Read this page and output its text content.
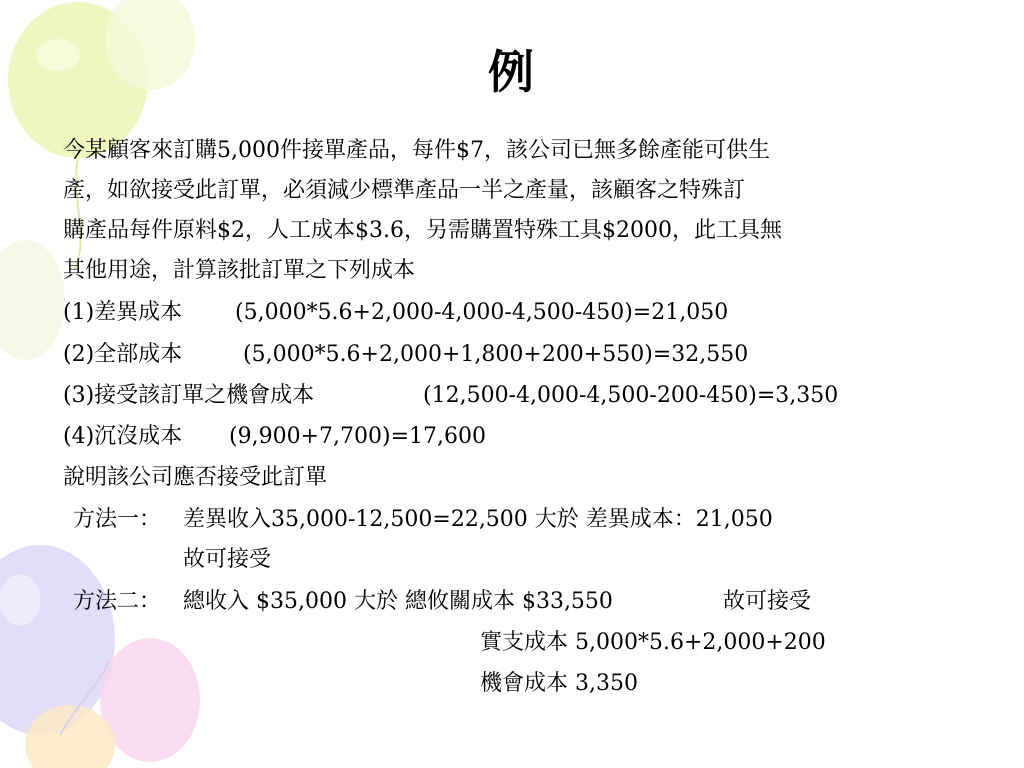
例
今某顧客來訂購5,000件接單產品，每件$7，該公司已無多餘產能可供生
產，如欲接受此訂單，必須減少標準產品一半之產量，該顧客之特殊訂
購產品每件原料$2，人工成本$3.6，另需購置特殊工具$2000，此工具無
其他用途，計算該批訂單之下列成本
(1)差異成本 (5,000*5.6+2,000-4,000-4,500-450)=21,050
(2)全部成本	(5,000*5.6+2,000+1,800+200+550)=32,550
(3)接受該訂單之機會成本	(12,500-4,000-4,500-200-450)=3,350
(4)沉沒成本 (9,900+7,700)=17,600
說明該公司應否接受此訂單
方法一： 差異收入35,000-12,500=22,500 大於 差異成本：21,050
故可接受
方法二： 總收入 $35,000 大於 總攸關成本 $33,550	故可接受
實支成本 5,000*5.6+2,000+200
機會成本 3,350
